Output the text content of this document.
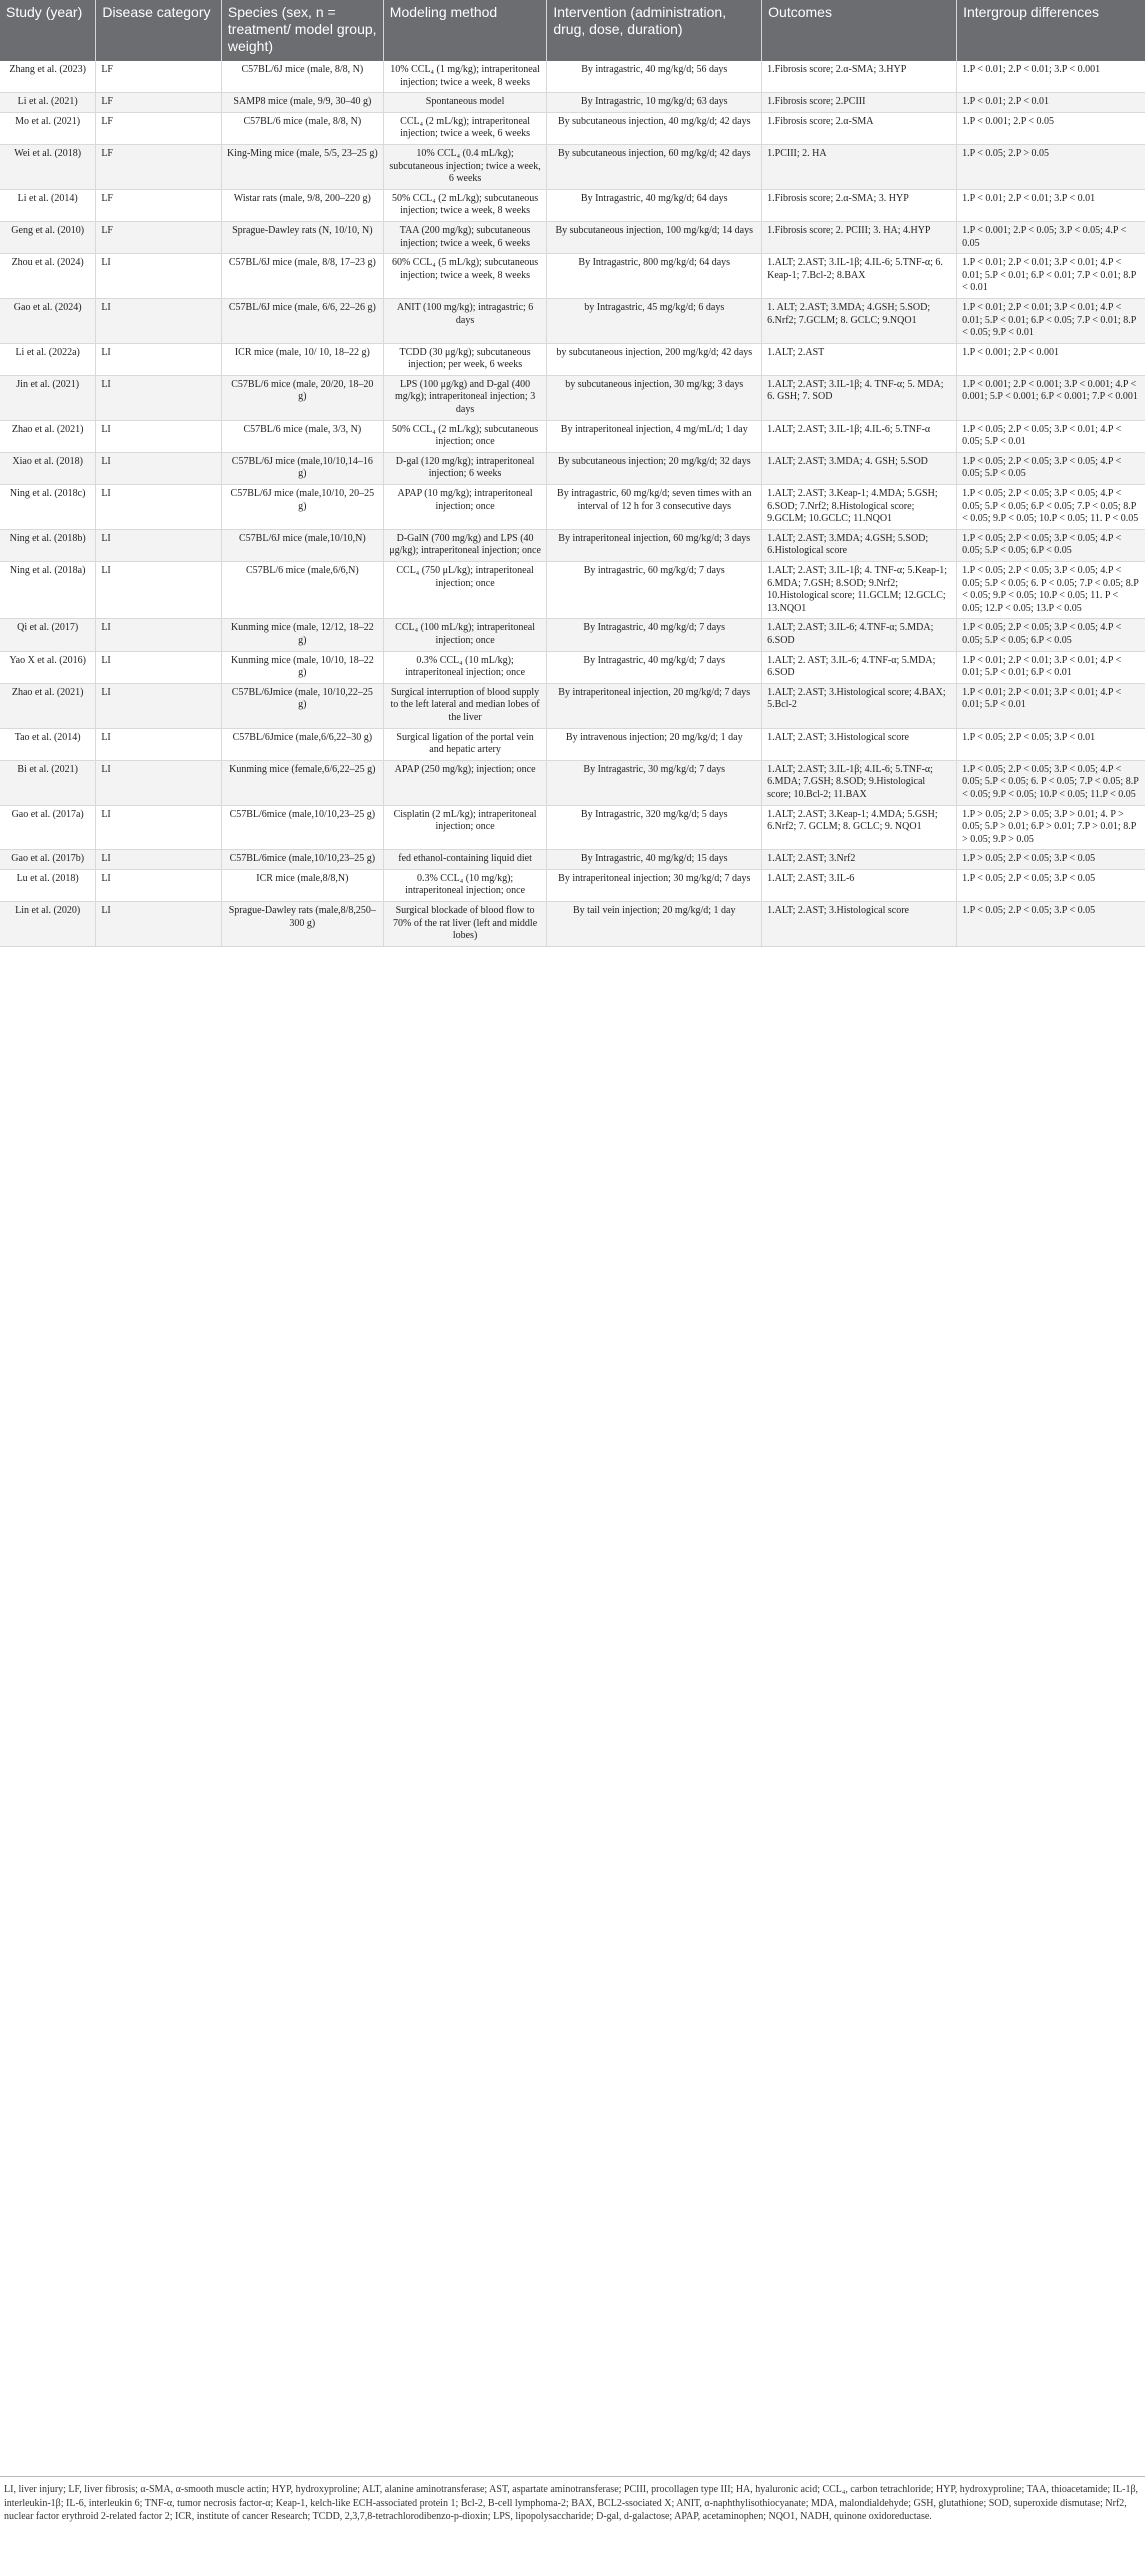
Study (year)	Disease category	Species (sex, n = treatment/ model group, weight)	Modeling method	Intervention (administration, drug, dose, duration)	Outcomes	Intergroup differences
Zhang et al. (2023)	LF	C57BL/6J mice (male, 8/8, N)	10% CCL₄ (1 mg/kg); intraperitoneal injection; twice a week, 8 weeks	By intragastric, 40 mg/kg/d; 56 days	1.Fibrosis score; 2.α-SMA; 3.HYP	1.P < 0.01; 2.P < 0.01; 3.P < 0.001
Li et al. (2021)	LF	SAMP8 mice (male, 9/9, 30–40 g)	Spontaneous model	By Intragastric, 10 mg/kg/d; 63 days	1.Fibrosis score; 2.PCIII	1.P < 0.01; 2.P < 0.01
Mo et al. (2021)	LF	C57BL/6 mice (male, 8/8, N)	CCL₄ (2 mL/kg); intraperitoneal injection; twice a week, 6 weeks	By subcutaneous injection, 40 mg/kg/d; 42 days	1.Fibrosis score; 2.α-SMA	1.P < 0.001; 2.P < 0.05
Wei et al. (2018)	LF	King-Ming mice (male, 5/5, 23–25 g)	10% CCL₄ (0.4 mL/kg); subcutaneous injection; twice a week, 6 weeks	By subcutaneous injection, 60 mg/kg/d; 42 days	1.PCIII; 2. HA	1.P < 0.05; 2.P > 0.05
Li et al. (2014)	LF	Wistar rats (male, 9/8, 200–220 g)	50% CCL₄ (2 mL/kg); subcutaneous injection; twice a week, 8 weeks	By Intragastric, 40 mg/kg/d; 64 days	1.Fibrosis score; 2.α-SMA; 3. HYP	1.P < 0.01; 2.P < 0.01; 3.P < 0.01
Geng et al. (2010)	LF	Sprague-Dawley rats (N, 10/10, N)	TAA (200 mg/kg); subcutaneous injection; twice a week, 6 weeks	By subcutaneous injection, 100 mg/kg/d; 14 days	1.Fibrosis score; 2. PCIII; 3. HA; 4.HYP	1.P < 0.001; 2.P < 0.05; 3.P < 0.05; 4.P < 0.05
Zhou et al. (2024)	LI	C57BL/6J mice (male, 8/8, 17–23 g)	60% CCL₄ (5 mL/kg); subcutaneous injection; twice a week, 8 weeks	By Intragastric, 800 mg/kg/d; 64 days	1.ALT; 2.AST; 3.IL-1β; 4.IL-6; 5.TNF-α; 6. Keap-1; 7.Bcl-2; 8.BAX	1.P < 0.01; 2.P < 0.01; 3.P < 0.01; 4.P < 0.01; 5.P < 0.01; 6.P < 0.01; 7.P < 0.01; 8.P < 0.01
Gao et al. (2024)	LI	C57BL/6J mice (male, 6/6, 22–26 g)	ANIT (100 mg/kg); intragastric; 6 days	by Intragastric, 45 mg/kg/d; 6 days	1. ALT; 2.AST; 3.MDA; 4.GSH; 5.SOD; 6.Nrf2; 7.GCLM; 8. GCLC; 9.NQO1	1.P < 0.01; 2.P < 0.01; 3.P < 0.01; 4.P < 0.01; 5.P < 0.01; 6.P < 0.05; 7.P < 0.01; 8.P < 0.05; 9.P < 0.01
Li et al. (2022a)	LI	ICR mice (male, 10/ 10, 18–22 g)	TCDD (30 μg/kg); subcutaneous injection; per week, 6 weeks	by subcutaneous injection, 200 mg/kg/d; 42 days	1.ALT; 2.AST	1.P < 0.001; 2.P < 0.001
Jin et al. (2021)	LI	C57BL/6 mice (male, 20/20, 18–20 g)	LPS (100 μg/kg) and D-gal (400 mg/kg); intraperitoneal injection; 3 days	by subcutaneous injection, 30 mg/kg; 3 days	1.ALT; 2.AST; 3.IL-1β; 4. TNF-α; 5. MDA; 6. GSH; 7. SOD	1.P < 0.001; 2.P < 0.001; 3.P < 0.001; 4.P < 0.001; 5.P < 0.001; 6.P < 0.001; 7.P < 0.001
Zhao et al. (2021)	LI	C57BL/6 mice (male, 3/3, N)	50% CCL₄ (2 mL/kg); subcutaneous injection; once	By intraperitoneal injection, 4 mg/mL/d; 1 day	1.ALT; 2.AST; 3.IL-1β; 4.IL-6; 5.TNF-α	1.P < 0.05; 2.P < 0.05; 3.P < 0.01; 4.P < 0.05; 5.P < 0.01
Xiao et al. (2018)	LI	C57BL/6J mice (male,10/10,14–16 g)	D-gal (120 mg/kg); intraperitoneal injection; 6 weeks	By subcutaneous injection; 20 mg/kg/d; 32 days	1.ALT; 2.AST; 3.MDA; 4. GSH; 5.SOD	1.P < 0.05; 2.P < 0.05; 3.P < 0.05; 4.P < 0.05; 5.P < 0.05
Ning et al. (2018c)	LI	C57BL/6J mice (male,10/10, 20–25 g)	APAP (10 mg/kg); intraperitoneal injection; once	By intragastric, 60 mg/kg/d; seven times with an interval of 12 h for 3 consecutive days	1.ALT; 2.AST; 3.Keap-1; 4.MDA; 5.GSH; 6.SOD; 7.Nrf2; 8.Histological score; 9.GCLM; 10.GCLC; 11.NQO1	1.P < 0.05; 2.P < 0.05; 3.P < 0.05; 4.P < 0.05; 5.P < 0.05; 6.P < 0.05; 7.P < 0.05; 8.P < 0.05; 9.P < 0.05; 10.P < 0.05; 11. P < 0.05
Ning et al. (2018b)	LI	C57BL/6J mice (male,10/10,N)	D-GalN (700 mg/kg) and LPS (40 μg/kg); intraperitoneal injection; once	By intraperitoneal injection, 60 mg/kg/d; 3 days	1.ALT; 2.AST; 3.MDA; 4.GSH; 5.SOD; 6.Histological score	1.P < 0.05; 2.P < 0.05; 3.P < 0.05; 4.P < 0.05; 5.P < 0.05; 6.P < 0.05
Ning et al. (2018a)	LI	C57BL/6 mice (male,6/6,N)	CCL₄ (750 μL/kg); intraperitoneal injection; once	By intragastric, 60 mg/kg/d; 7 days	1.ALT; 2.AST; 3.IL-1β; 4. TNF-α; 5.Keap-1; 6.MDA; 7.GSH; 8.SOD; 9.Nrf2; 10.Histological score; 11.GCLM; 12.GCLC; 13.NQO1	1.P < 0.05; 2.P < 0.05; 3.P < 0.05; 4.P < 0.05; 5.P < 0.05; 6. P < 0.05; 7.P < 0.05; 8.P < 0.05; 9.P < 0.05; 10.P < 0.05; 11. P < 0.05; 12.P < 0.05; 13.P < 0.05
Qi et al. (2017)	LI	Kunming mice (male, 12/12, 18–22 g)	CCL₄ (100 mL/kg); intraperitoneal injection; once	By Intragastric, 40 mg/kg/d; 7 days	1.ALT; 2.AST; 3.IL-6; 4.TNF-α; 5.MDA; 6.SOD	1.P < 0.05; 2.P < 0.05; 3.P < 0.05; 4.P < 0.05; 5.P < 0.05; 6.P < 0.05
Yao X et al. (2016)	LI	Kunming mice (male, 10/10, 18–22 g)	0.3% CCL₄ (10 mL/kg); intraperitoneal injection; once	By Intragastric, 40 mg/kg/d; 7 days	1.ALT; 2. AST; 3.IL-6; 4.TNF-α; 5.MDA; 6.SOD	1.P < 0.01; 2.P < 0.01; 3.P < 0.01; 4.P < 0.01; 5.P < 0.01; 6.P < 0.01
Zhao et al. (2021)	LI	C57BL/6Jmice (male, 10/10,22–25 g)	Surgical interruption of blood supply to the left lateral and median lobes of the liver	By intraperitoneal injection, 20 mg/kg/d; 7 days	1.ALT; 2.AST; 3.Histological score; 4.BAX; 5.Bcl-2	1.P < 0.01; 2.P < 0.01; 3.P < 0.01; 4.P < 0.01; 5.P < 0.01
Tao et al. (2014)	LI	C57BL/6Jmice (male,6/6,22–30 g)	Surgical ligation of the portal vein and hepatic artery	By intravenous injection; 20 mg/kg/d; 1 day	1.ALT; 2.AST; 3.Histological score	1.P < 0.05; 2.P < 0.05; 3.P < 0.01
Bi et al. (2021)	LI	Kunming mice (female,6/6,22–25 g)	APAP (250 mg/kg); injection; once	By Intragastric, 30 mg/kg/d; 7 days	1.ALT; 2.AST; 3.IL-1β; 4.IL-6; 5.TNF-α; 6.MDA; 7.GSH; 8.SOD; 9.Histological score; 10.Bcl-2; 11.BAX	1.P < 0.05; 2.P < 0.05; 3.P < 0.05; 4.P < 0.05; 5.P < 0.05; 6. P < 0.05; 7.P < 0.05; 8.P < 0.05; 9.P < 0.05; 10.P < 0.05; 11.P < 0.05
Gao et al. (2017a)	LI	C57BL/6mice (male,10/10,23–25 g)	Cisplatin (2 mL/kg); intraperitoneal injection; once	By Intragastric, 320 mg/kg/d; 5 days	1.ALT; 2.AST; 3.Keap-1; 4.MDA; 5.GSH; 6.Nrf2; 7. GCLM; 8. GCLC; 9. NQO1	1.P > 0.05; 2.P > 0.05; 3.P > 0.01; 4. P > 0.05; 5.P > 0.01; 6.P > 0.01; 7.P > 0.01; 8.P > 0.05; 9.P > 0.05
Gao et al. (2017b)	LI	C57BL/6mice (male,10/10,23–25 g)	fed ethanol-containing liquid diet	By Intragastric, 40 mg/kg/d; 15 days	1.ALT; 2.AST; 3.Nrf2	1.P > 0.05; 2.P < 0.05; 3.P < 0.05
Lu et al. (2018)	LI	ICR mice (male,8/8,N)	0.3% CCL₄ (10 mg/kg); intraperitoneal injection; once	By intraperitoneal injection; 30 mg/kg/d; 7 days	1.ALT; 2.AST; 3.IL-6	1.P < 0.05; 2.P < 0.05; 3.P < 0.05
Lin et al. (2020)	LI	Sprague-Dawley rats (male,8/8,250–300 g)	Surgical blockade of blood flow to 70% of the rat liver (left and middle lobes)	By tail vein injection; 20 mg/kg/d; 1 day	1.ALT; 2.AST; 3.Histological score	1.P < 0.05; 2.P < 0.05; 3.P < 0.05
LI, liver injury; LF, liver fibrosis; α-SMA, α-smooth muscle actin; HYP, hydroxyproline; ALT, alanine aminotransferase; AST, aspartate aminotransferase; PCIII, procollagen type III; HA, hyaluronic acid; CCL₄, carbon tetrachloride; HYP, hydroxyproline; TAA, thioacetamide; IL-1β, interleukin-1β; IL-6, interleukin 6; TNF-α, tumor necrosis factor-α; Keap-1, kelch-like ECH-associated protein 1; Bcl-2, B-cell lymphoma-2; BAX, BCL2-ssociated X; ANIT, α-naphthylisothiocyanate; MDA, malondialdehyde; GSH, glutathione; SOD, superoxide dismutase; Nrf2, nuclear factor erythroid 2-related factor 2; ICR, institute of cancer Research; TCDD, 2,3,7,8-tetrachlorodibenzo-p-dioxin; LPS, lipopolysaccharide; D-gal, d-galactose; APAP, acetaminophen; NQO1, NADH, quinone oxidoreductase.
